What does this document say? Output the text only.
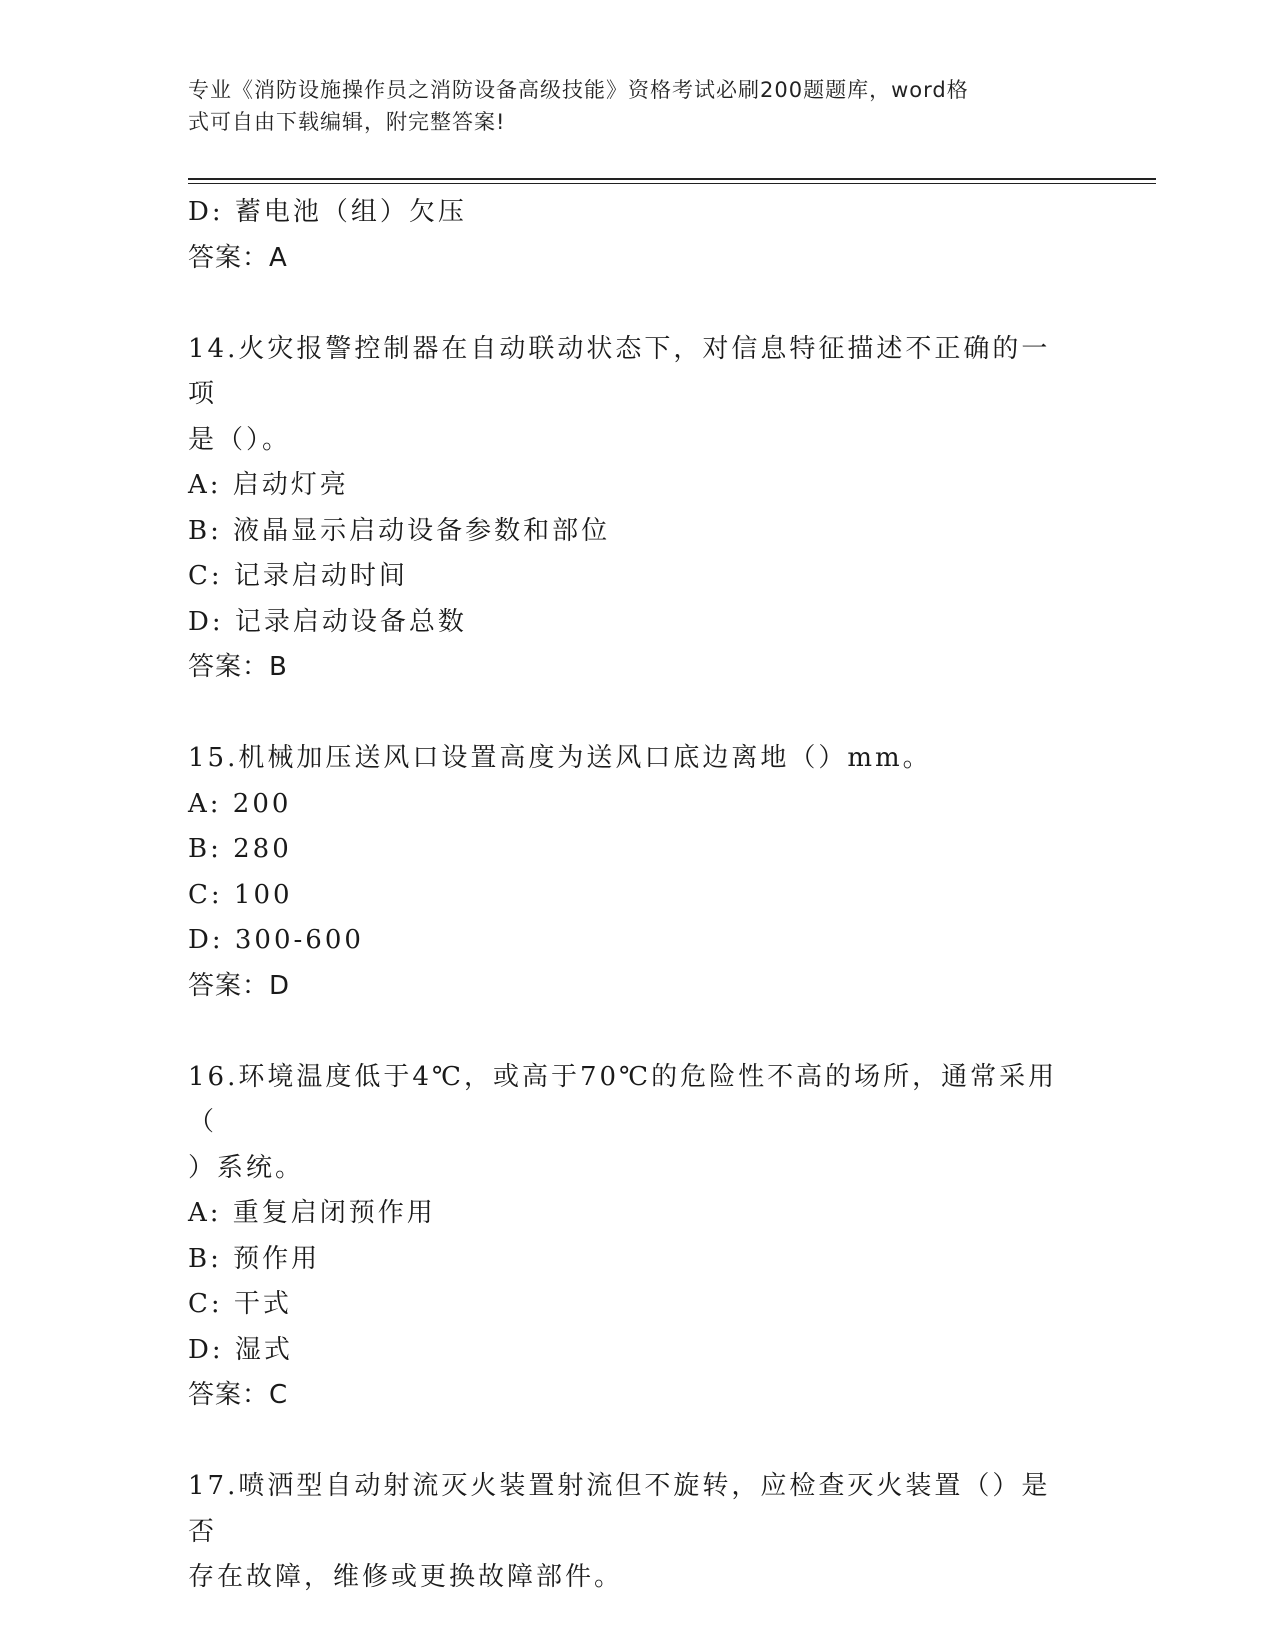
专业《消防设施操作员之消防设备高级技能》资格考试必刷200题题库，word格
式可自由下载编辑，附完整答案!

D: 蓄电池（组）欠压

答案：A

14.火灾报警控制器在自动联动状态下，对信息特征描述不正确的一项

是（）。

A: 启动灯亮

B: 液晶显示启动设备参数和部位

C: 记录启动时间

D: 记录启动设备总数

答案：B

15.机械加压送风口设置高度为送风口底边离地（）mm。

A: 200

B: 280

C: 100

D: 300-600

答案：D

16.环境温度低于4℃，或高于70℃的危险性不高的场所，通常采用（

）系统。

A: 重复启闭预作用

B: 预作用

C: 干式

D: 湿式

答案：C

17.喷洒型自动射流灭火装置射流但不旋转，应检查灭火装置（）是否

存在故障，维修或更换故障部件。
